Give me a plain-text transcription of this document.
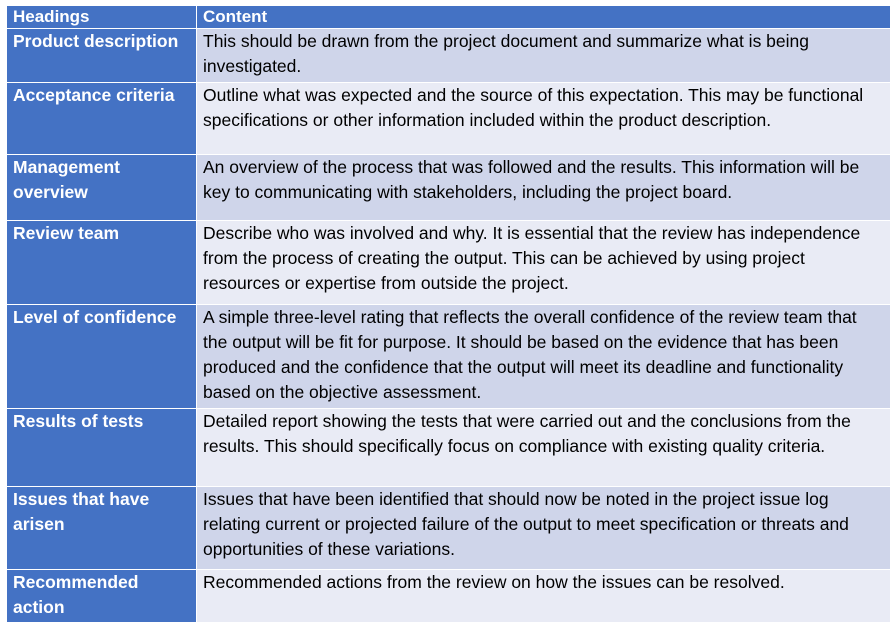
Headings	Content
Product description	This should be drawn from the project document and summarize what is being investigated.
Acceptance criteria	Outline what was expected and the source of this expectation. This may be functional specifications or other information included within the product description.
Management overview	An overview of the process that was followed and the results. This information will be key to communicating with stakeholders, including the project board.
Review team	Describe who was involved and why. It is essential that the review has independence from the process of creating the output. This can be achieved by using project resources or expertise from outside the project.
Level of confidence	A simple three-level rating that reflects the overall confidence of the review team that the output will be fit for purpose. It should be based on the evidence that has been produced and the confidence that the output will meet its deadline and functionality based on the objective assessment.
Results of tests	Detailed report showing the tests that were carried out and the conclusions from the results. This should specifically focus on compliance with existing quality criteria.
Issues that have arisen	Issues that have been identified that should now be noted in the project issue log relating current or projected failure of the output to meet specification or threats and opportunities of these variations.
Recommended action	Recommended actions from the review on how the issues can be resolved.
